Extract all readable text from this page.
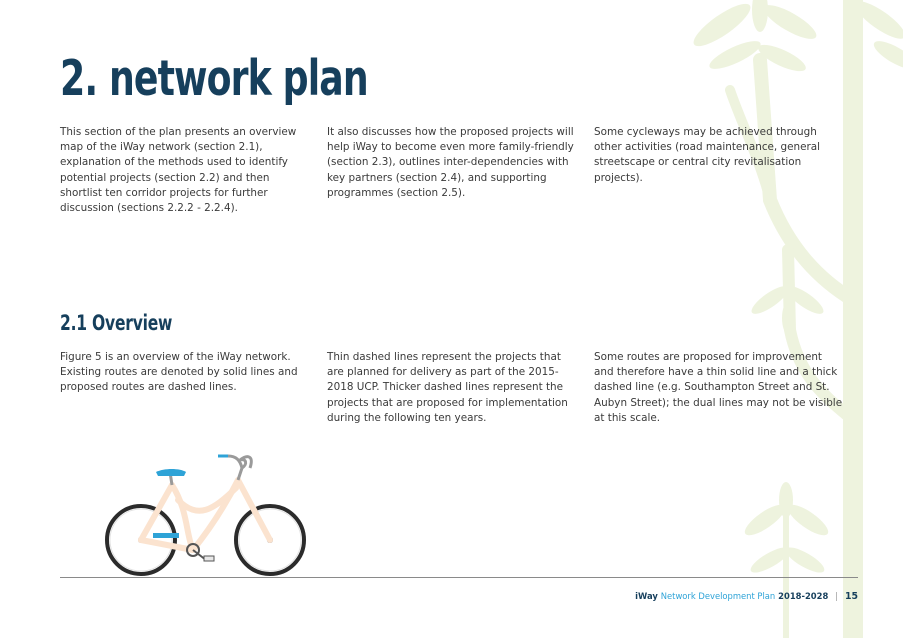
2. network plan

This section of the plan presents an overview map of the iWay network (section 2.1), explanation of the methods used to identify potential projects (section 2.2) and then shortlist ten corridor projects for further discussion (sections 2.2.2 - 2.2.4).

It also discusses how the proposed projects will help iWay to become even more family-friendly (section 2.3), outlines inter-dependencies with key partners (section 2.4), and supporting programmes (section 2.5).

Some cycleways may be achieved through other activities (road maintenance, general streetscape or central city revitalisation projects).

2.1 Overview

Figure 5 is an overview of the iWay network. Existing routes are denoted by solid lines and proposed routes are dashed lines.

Thin dashed lines represent the projects that are planned for delivery as part of the 2015-2018 UCP. Thicker dashed lines represent the projects that are proposed for implementation during the following ten years.

Some routes are proposed for improvement and therefore have a thin solid line and a thick dashed line (e.g. Southampton Street and St. Aubyn Street); the dual lines may not be visible at this scale.

iWay Network Development Plan 2018-2028 | 15
